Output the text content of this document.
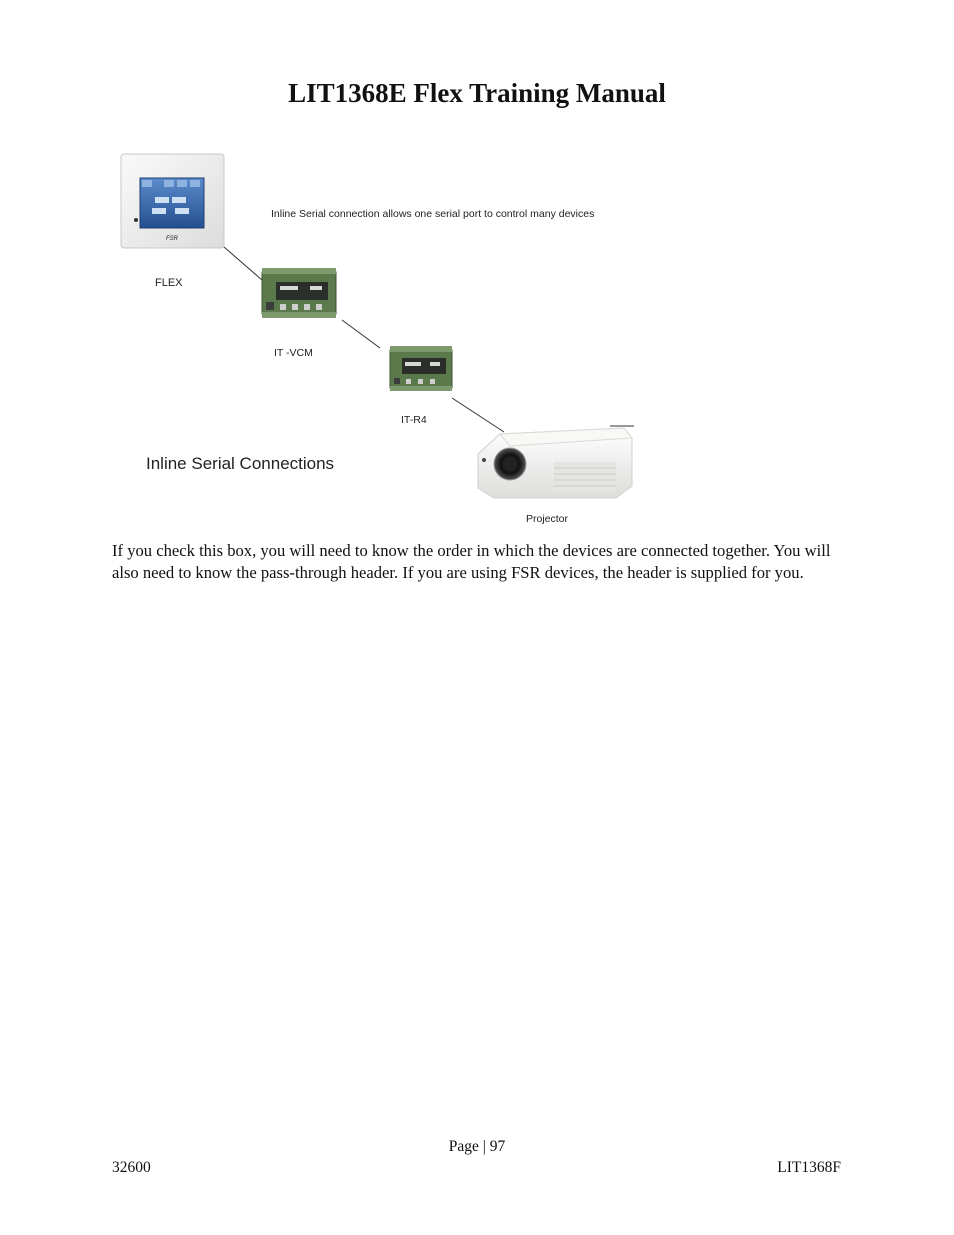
LIT1368E Flex Training Manual
FSR
FLEX
IT -VCM
IT-R4
Projector
Inline Serial connection allows one serial port to control many devices
Inline Serial Connections

If you check this box, you will need to know the order in which the devices are connected together. You will also need to know the pass-through header. If you are using FSR devices, the header is supplied for you.

Page | 97
32600	LIT1368F
